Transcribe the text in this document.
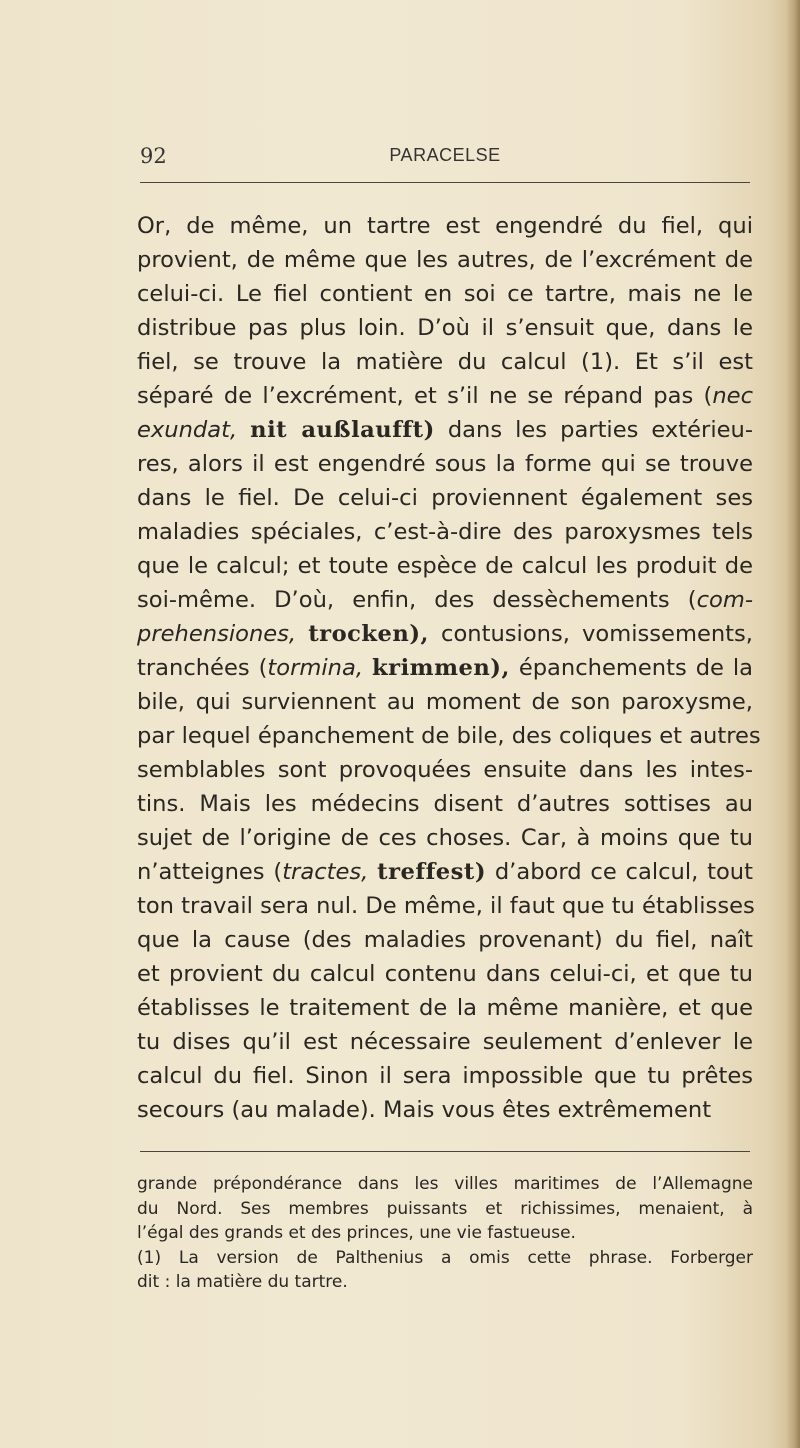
92	PARACELSE
Or, de même, un tartre est engendré du fiel, qui
provient, de même que les autres, de l’excrément de
celui-ci. Le fiel contient en soi ce tartre, mais ne le
distribue pas plus loin. D’où il s’ensuit que, dans le
fiel, se trouve la matière du calcul (1). Et s’il est
séparé de l’excrément, et s’il ne se répand pas (nec
exundat, nit außlaufft) dans les parties extérieu-
res, alors il est engendré sous la forme qui se trouve
dans le fiel. De celui-ci proviennent également ses
maladies spéciales, c’est-à-dire des paroxysmes tels
que le calcul; et toute espèce de calcul les produit de
soi-même. D’où, enfin, des dessèchements (com-
prehensiones, trocken), contusions, vomissements,
tranchées (tormina, krimmen), épanchements de la
bile, qui surviennent au moment de son paroxysme,
par lequel épanchement de bile, des coliques et autres
semblables sont provoquées ensuite dans les intes-
tins. Mais les médecins disent d’autres sottises au
sujet de l’origine de ces choses. Car, à moins que tu
n’atteignes (tractes, treffest) d’abord ce calcul, tout
ton travail sera nul. De même, il faut que tu établisses
que la cause (des maladies provenant) du fiel, naît
et provient du calcul contenu dans celui-ci, et que tu
établisses le traitement de la même manière, et que
tu dises qu’il est nécessaire seulement d’enlever le
calcul du fiel. Sinon il sera impossible que tu prêtes
secours (au malade). Mais vous êtes extrêmement
grande prépondérance dans les villes maritimes de l’Allemagne
du Nord. Ses membres puissants et richissimes, menaient, à
l’égal des grands et des princes, une vie fastueuse.
(1) La version de Palthenius a omis cette phrase. Forberger
dit : la matière du tartre.
